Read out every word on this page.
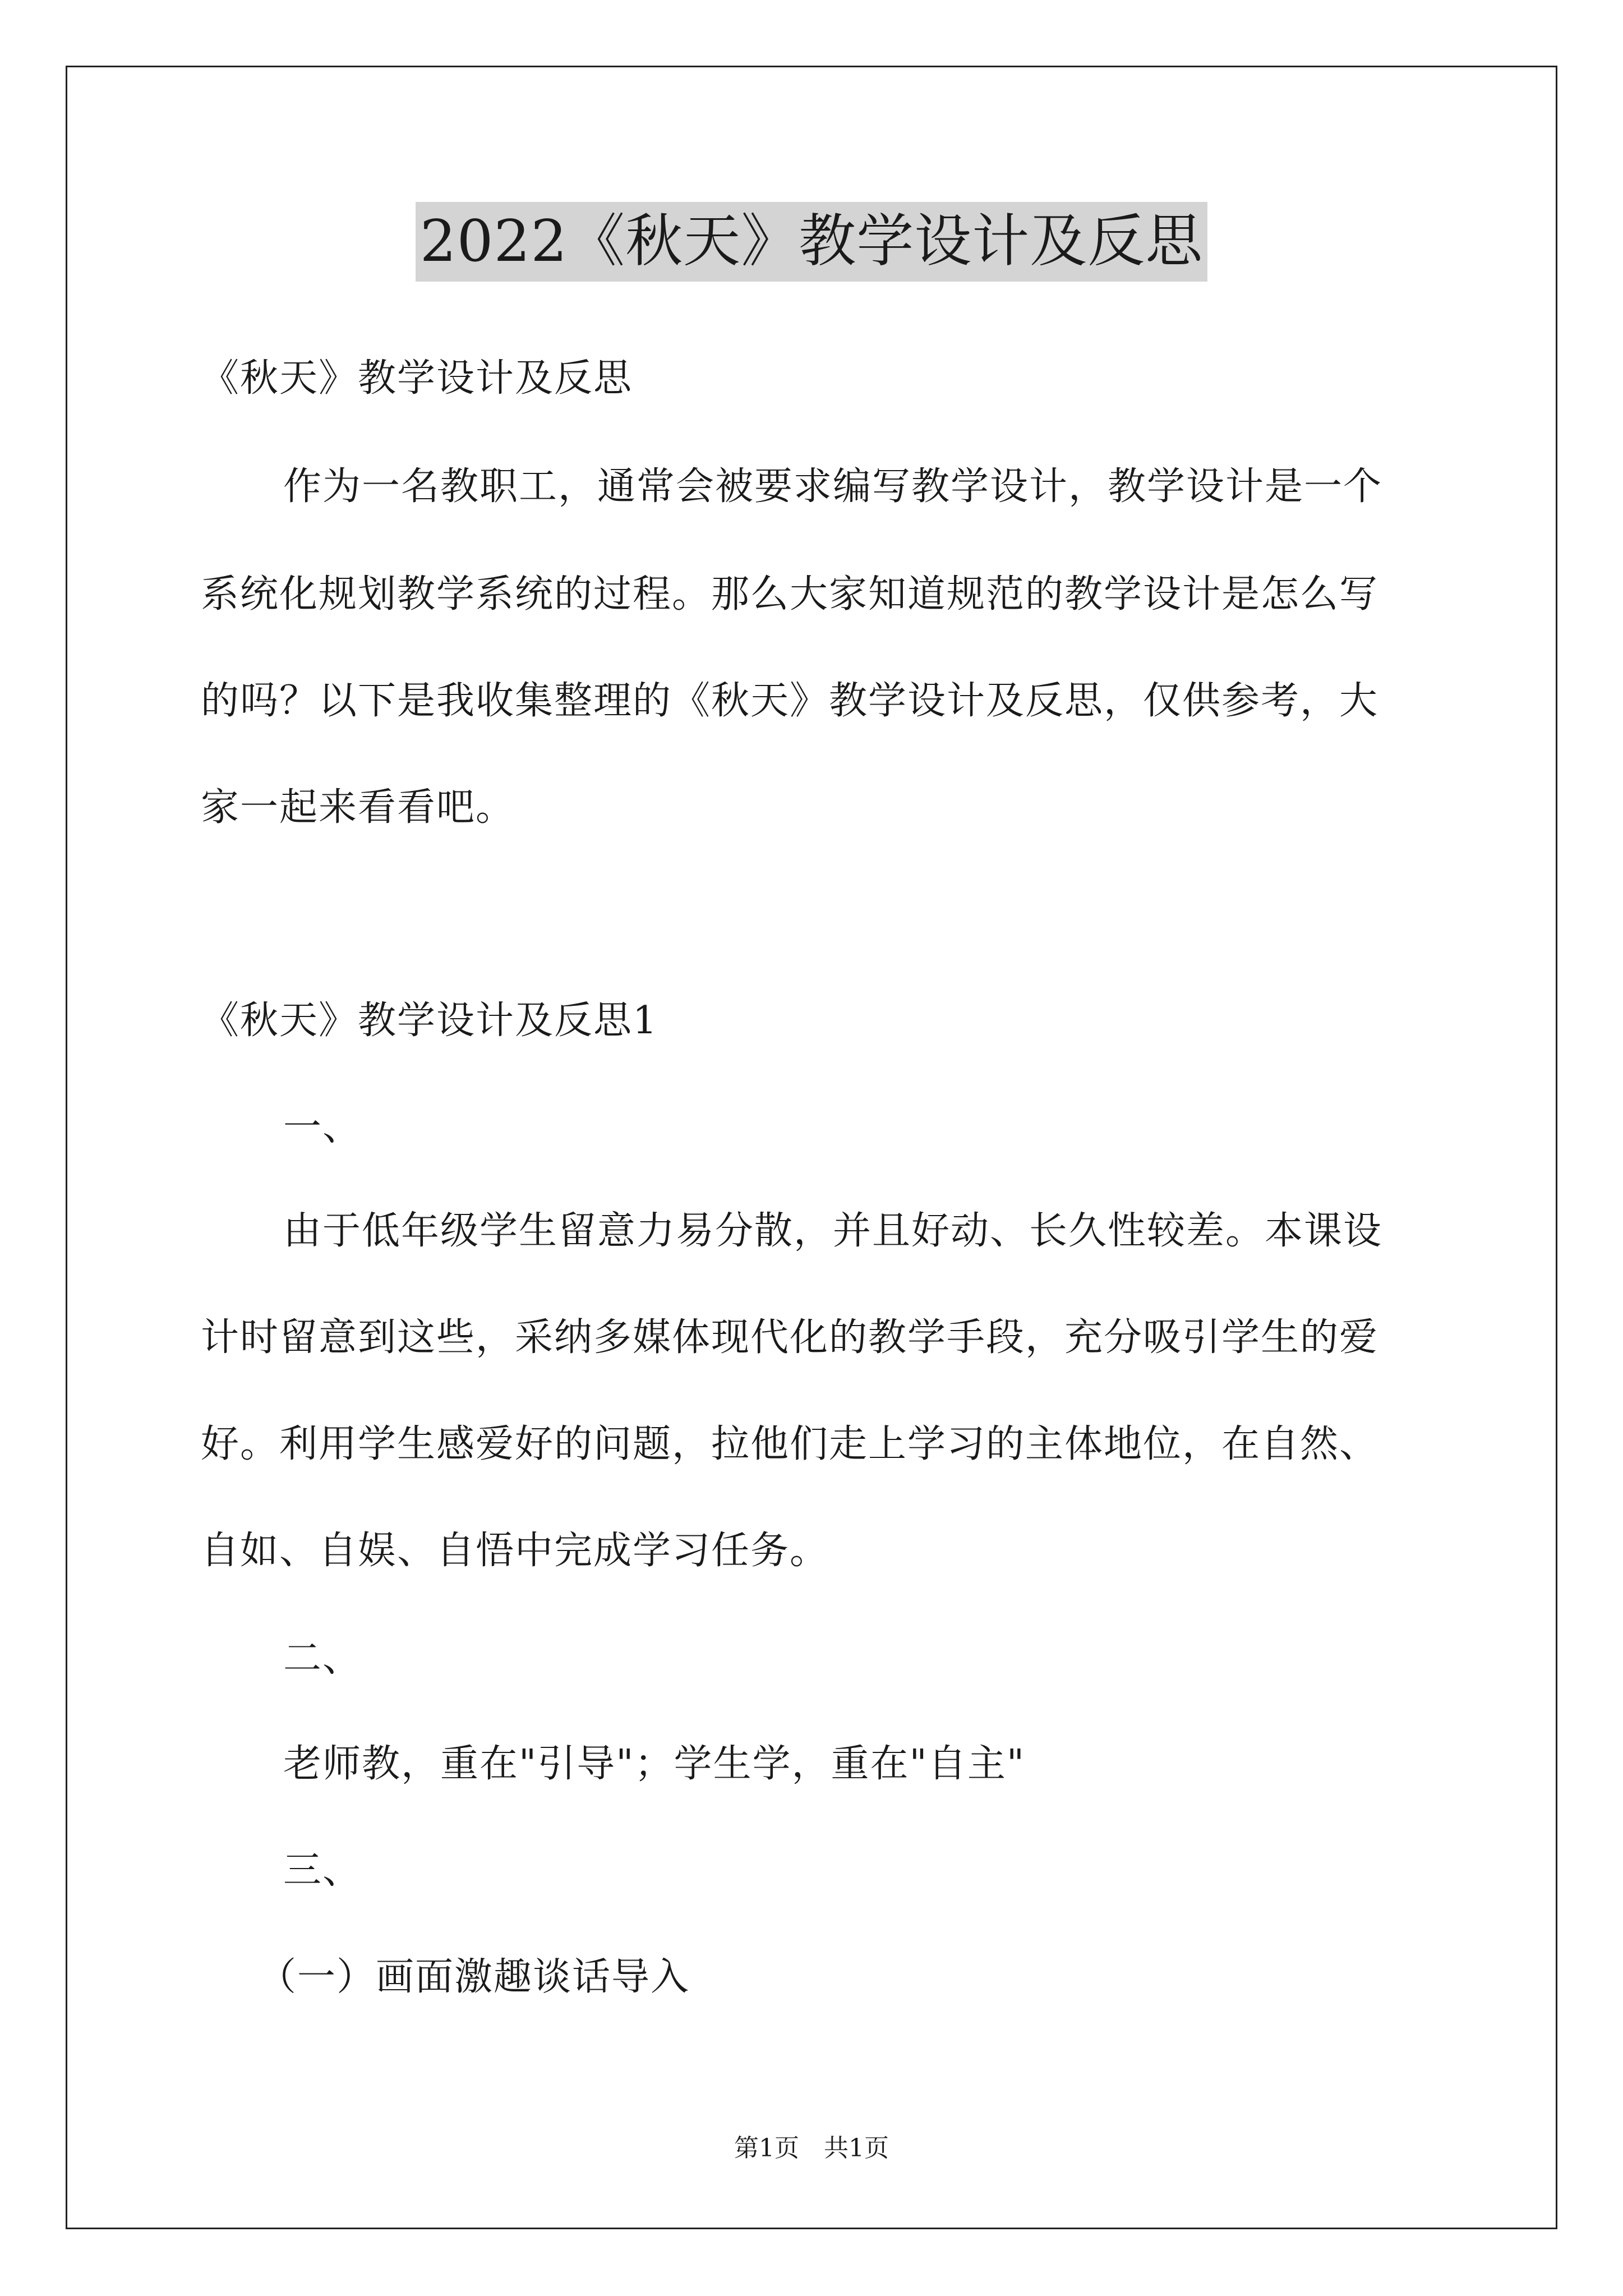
2022《秋天》教学设计及反思
《秋天》教学设计及反思
作为一名教职工，通常会被要求编写教学设计，教学设计是一个
系统化规划教学系统的过程。那么大家知道规范的教学设计是怎么写
的吗？以下是我收集整理的《秋天》教学设计及反思，仅供参考，大
家一起来看看吧。
《秋天》教学设计及反思1
一、
由于低年级学生留意力易分散，并且好动、长久性较差。本课设
计时留意到这些，采纳多媒体现代化的教学手段，充分吸引学生的爱
好。利用学生感爱好的问题，拉他们走上学习的主体地位，在自然、
自如、自娱、自悟中完成学习任务。
二、
老师教，重在"引导"；学生学，重在"自主"
三、
（一）画面激趣谈话导入
第1页　共1页
